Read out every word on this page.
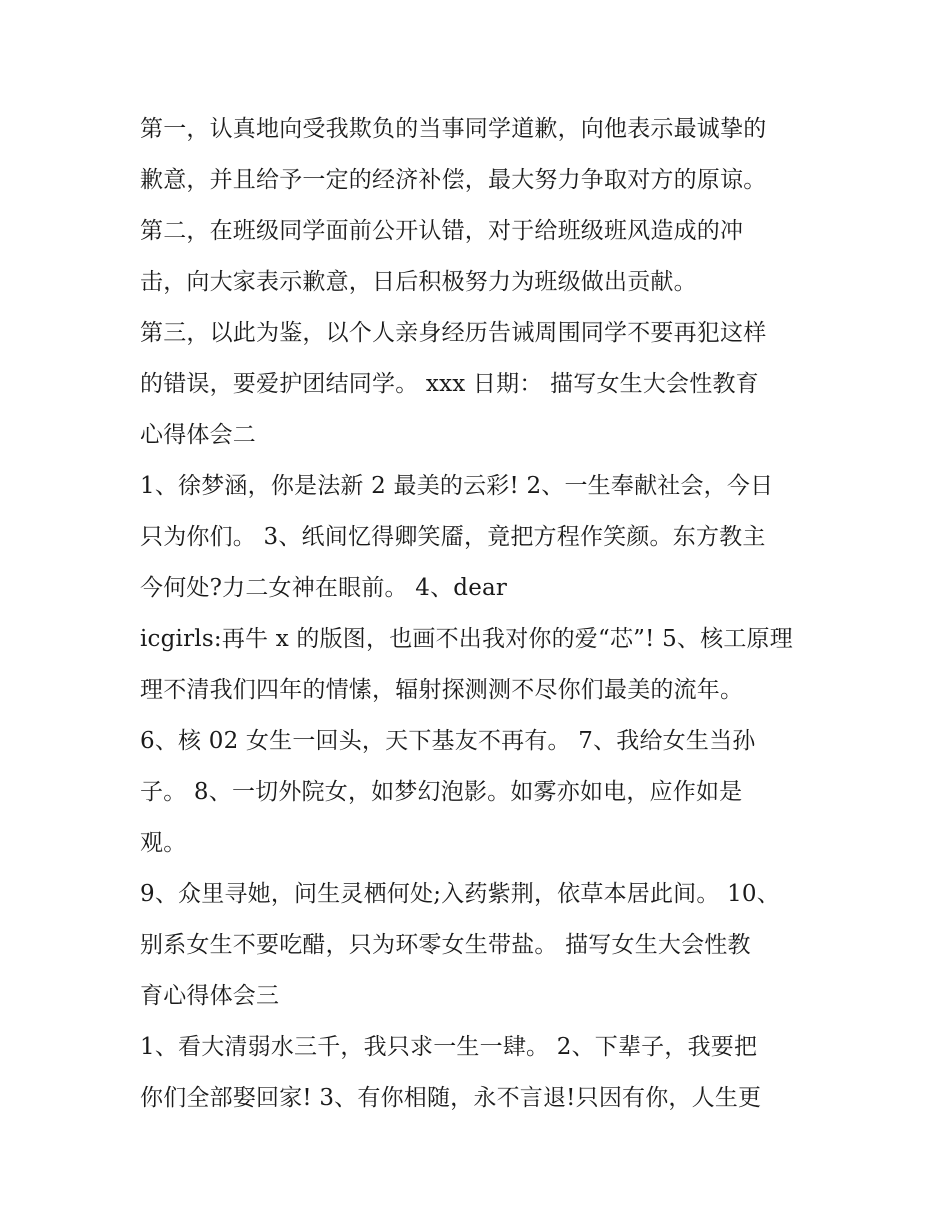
第一，认真地向受我欺负的当事同学道歉，向他表示最诚挚的
歉意，并且给予一定的经济补偿，最大努力争取对方的原谅。
第二，在班级同学面前公开认错，对于给班级班风造成的冲
击，向大家表示歉意，日后积极努力为班级做出贡献。
第三，以此为鉴，以个人亲身经历告诫周围同学不要再犯这样
的错误，要爱护团结同学。 xxx 日期： 描写女生大会性教育
心得体会二
1、徐梦涵，你是法新 2 最美的云彩! 2、一生奉献社会，今日
只为你们。 3、纸间忆得卿笑靥，竟把方程作笑颜。东方教主
今何处?力二女神在眼前。 4、dear
icgirls:再牛 x 的版图，也画不出我对你的爱“芯”! 5、核工原理
理不清我们四年的情愫，辐射探测测不尽你们最美的流年。
6、核 02 女生一回头，天下基友不再有。 7、我给女生当孙
子。 8、一切外院女，如梦幻泡影。如雾亦如电，应作如是
观。
9、众里寻她，问生灵栖何处;入药紫荆，依草本居此间。 10、
别系女生不要吃醋，只为环零女生带盐。 描写女生大会性教
育心得体会三
1、看大清弱水三千，我只求一生一肆。 2、下辈子，我要把
你们全部娶回家! 3、有你相随，永不言退!只因有你，人生更
